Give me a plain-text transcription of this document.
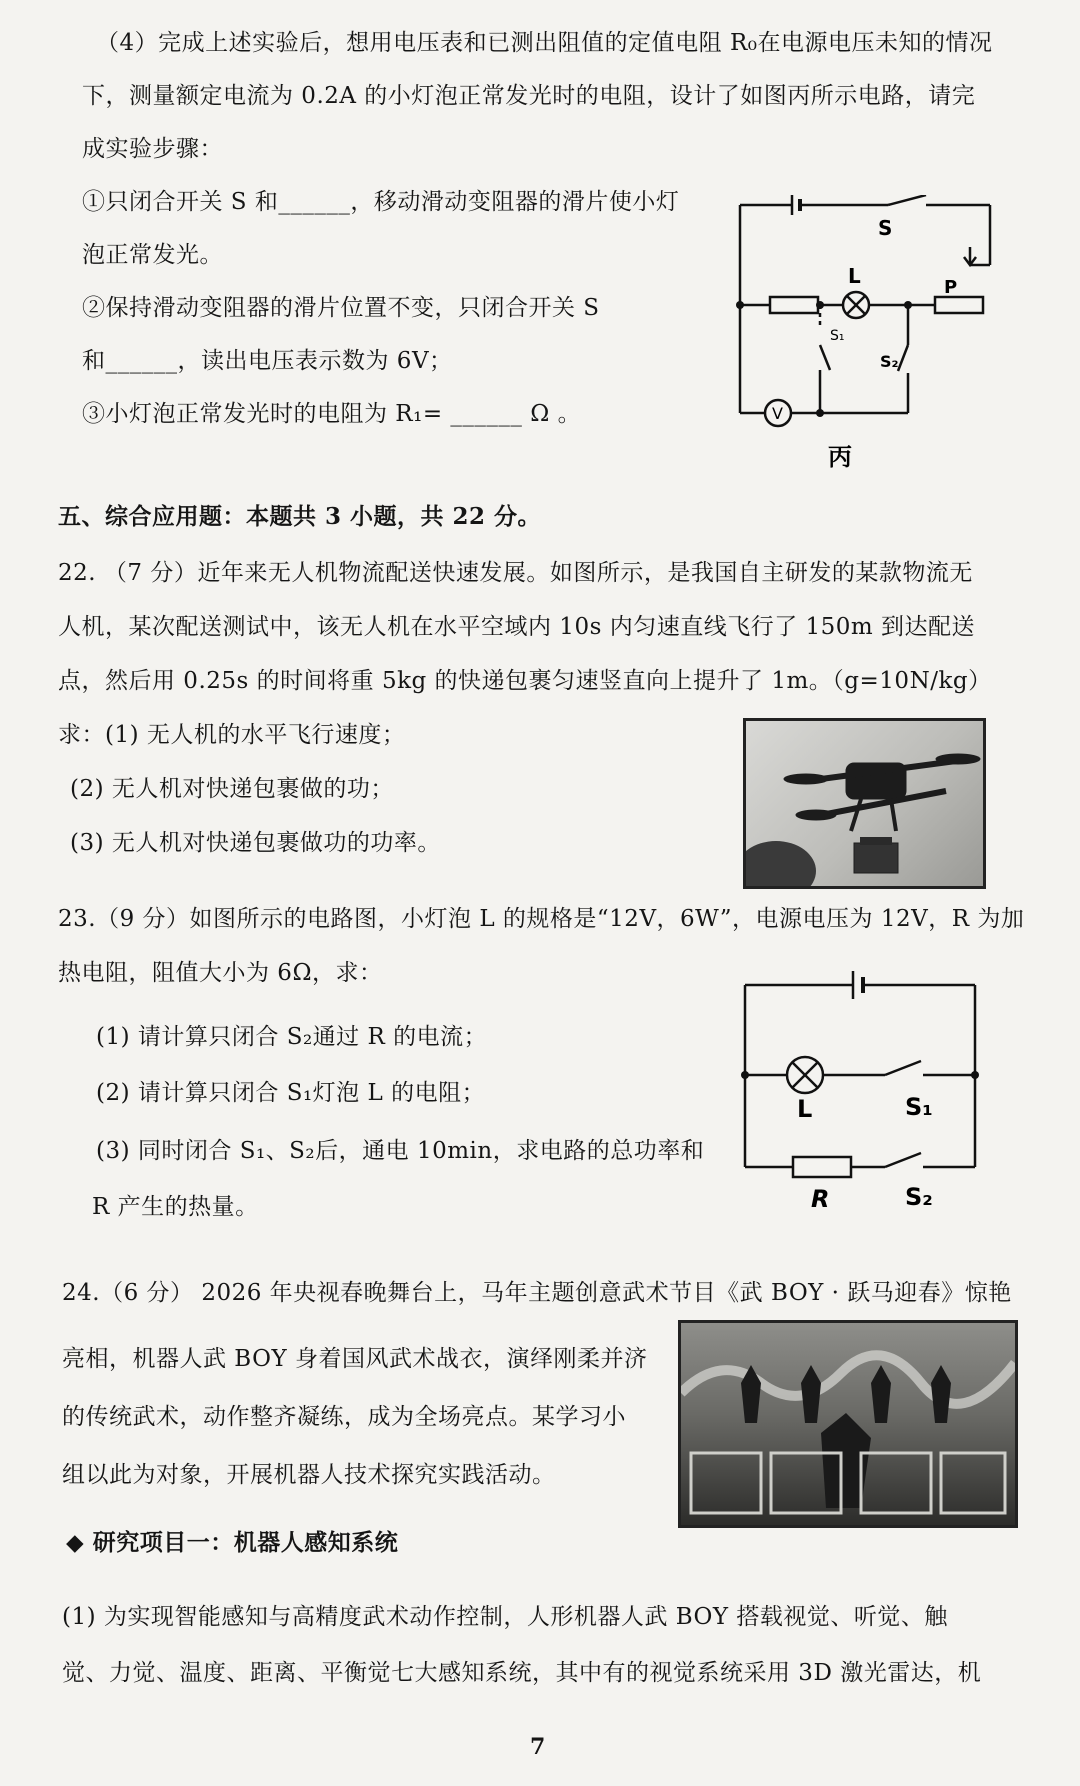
（4）完成上述实验后，想用电压表和已测出阻值的定值电阻 R₀在电源电压未知的情况
下，测量额定电流为 0.2A 的小灯泡正常发光时的电阻，设计了如图丙所示电路，请完
成实验步骤：
①只闭合开关 S 和______，移动滑动变阻器的滑片使小灯
泡正常发光。
②保持滑动变阻器的滑片位置不变，只闭合开关 S
和______，读出电压表示数为 6V；
③小灯泡正常发光时的电阻为 R₁= ______ Ω 。
S
L	P
S₁
S₂
V
丙
五、综合应用题：本题共 3 小题，共 22 分。
22. （7 分）近年来无人机物流配送快速发展。如图所示，是我国自主研发的某款物流无
人机，某次配送测试中，该无人机在水平空域内 10s 内匀速直线飞行了 150m 到达配送
点，然后用 0.25s 的时间将重 5kg 的快递包裹匀速竖直向上提升了 1m。（g=10N/kg）
求：(1) 无人机的水平飞行速度；
(2) 无人机对快递包裹做的功；
(3) 无人机对快递包裹做功的功率。
23.（9 分）如图所示的电路图，小灯泡 L 的规格是“12V，6W”，电源电压为 12V，R 为加
热电阻，阻值大小为 6Ω，求：
(1) 请计算只闭合 S₂通过 R 的电流；
(2) 请计算只闭合 S₁灯泡 L 的电阻；
(3) 同时闭合 S₁、S₂后，通电 10min，求电路的总功率和
R 产生的热量。
L	S₁
R	S₂
24.（6 分） 2026 年央视春晚舞台上，马年主题创意武术节目《武 BOY · 跃马迎春》惊艳
亮相，机器人武 BOY 身着国风武术战衣，演绎刚柔并济
的传统武术，动作整齐凝练，成为全场亮点。某学习小
组以此为对象，开展机器人技术探究实践活动。
◆ 研究项目一：机器人感知系统
(1) 为实现智能感知与高精度武术动作控制，人形机器人武 BOY 搭载视觉、听觉、触
觉、力觉、温度、距离、平衡觉七大感知系统，其中有的视觉系统采用 3D 激光雷达，机
7
